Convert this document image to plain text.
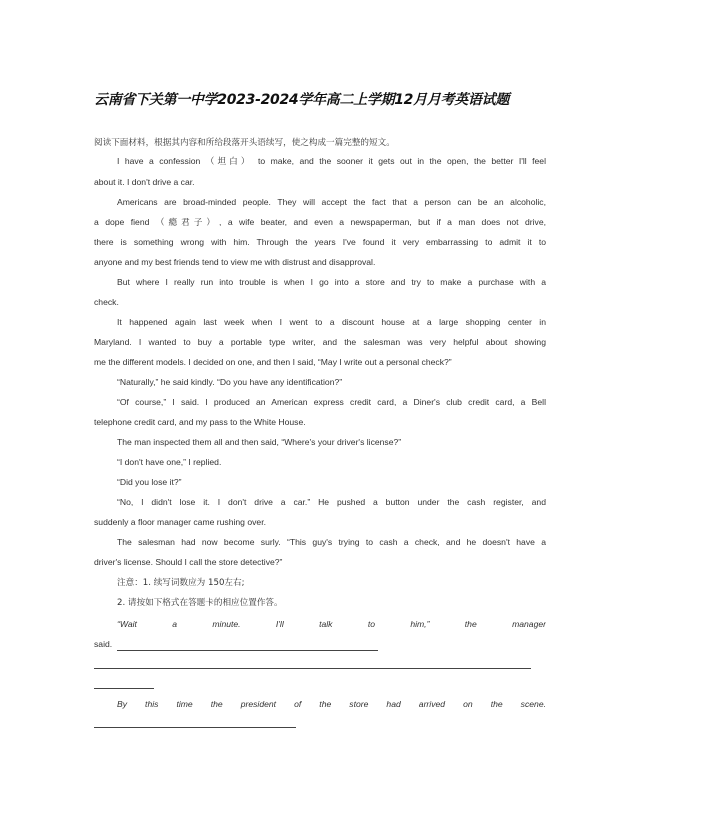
云南省下关第一中学2023-2024学年高二上学期12月月考英语试题
阅读下面材料，根据其内容和所给段落开头语续写，使之构成一篇完整的短文。
I have a confession （坦白） to make, and the sooner it gets out in the open, the better I'll feel
about it. I don't drive a car.
Americans are broad-minded people. They will accept the fact that a person can be an alcoholic,
a dope fiend （瘾君子）, a wife beater, and even a newspaperman, but if a man does not drive,
there is something wrong with him. Through the years I've found it very embarrassing to admit it to
anyone and my best friends tend to view me with distrust and disapproval.
But where I really run into trouble is when I go into a store and try to make a purchase with a
check.
It happened again last week when I went to a discount house at a large shopping center in
Maryland. I wanted to buy a portable type writer, and the salesman was very helpful about showing
me the different models. I decided on one, and then I said, “May I write out a personal check?”
“Naturally,” he said kindly. “Do you have any identification?”
“Of course,” I said. I produced an American express credit card, a Diner's club credit card, a Bell
telephone credit card, and my pass to the White House.
The man inspected them all and then said, “Where's your driver's license?”
“I don't have one,” I replied.
“Did you lose it?”
“No, I didn't lose it. I don't drive a car.” He pushed a button under the cash register, and
suddenly a floor manager came rushing over.
The salesman had now become surly. “This guy's trying to cash a check, and he doesn't have a
driver's license. Should I call the store detective?”
注意：1. 续写词数应为 150左右;
2. 请按如下格式在答题卡的相应位置作答。
“Wait a minute. I'll talk to him,” the manager
said.
By this time the president of the store had arrived on the scene.
